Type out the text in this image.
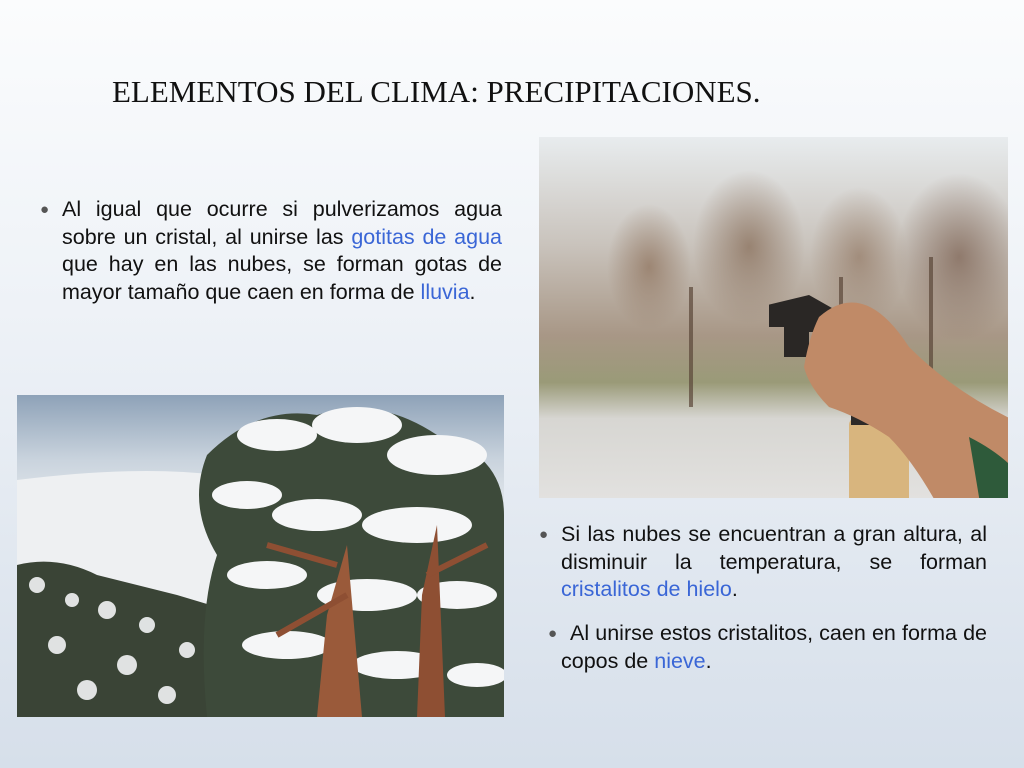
ELEMENTOS DEL CLIMA: PRECIPITACIONES.
● Al igual que ocurre si pulverizamos agua sobre un cristal, al unirse las gotitas de agua que hay en las nubes, se forman gotas de mayor tamaño que caen en forma de lluvia.
● Si las nubes se encuentran a gran altura, al disminuir la temperatura, se forman cristalitos de hielo.
● Al unirse estos cristalitos, caen en forma de copos de nieve.
